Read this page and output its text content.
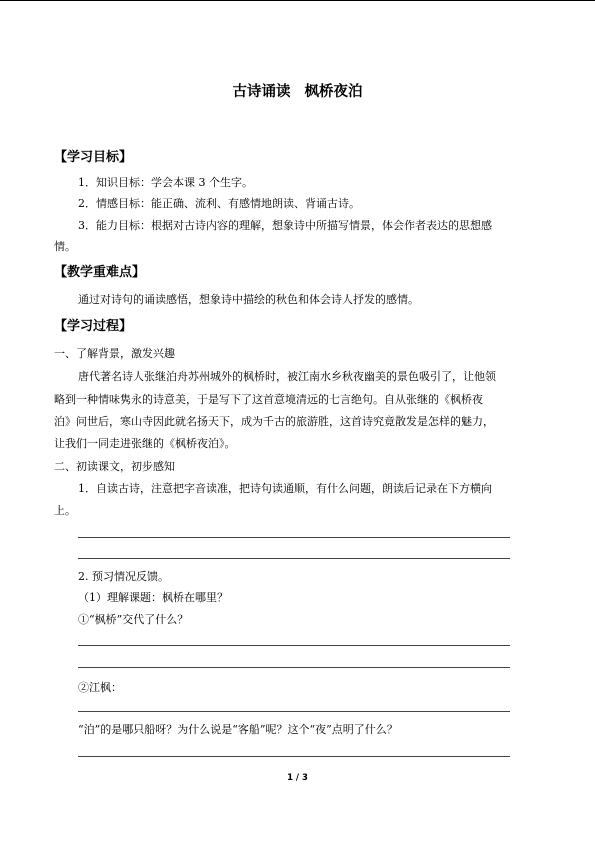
古诗诵读 枫桥夜泊
【学习目标】

1．知识目标：学会本课 3 个生字。

2．情感目标：能正确、流利、有感情地朗读、背诵古诗。

3．能力目标：根据对古诗内容的理解，想象诗中所描写情景，体会作者表达的思想感

情。

【教学重难点】

通过对诗句的诵读感悟，想象诗中描绘的秋色和体会诗人抒发的感情。

【学习过程】

一、了解背景，激发兴趣

唐代著名诗人张继泊舟苏州城外的枫桥时，被江南水乡秋夜幽美的景色吸引了，让他领

略到一种情味隽永的诗意美，于是写下了这首意境清远的七言绝句。自从张继的《枫桥夜

泊》问世后，寒山寺因此就名扬天下，成为千古的旅游胜，这首诗究竟散发是怎样的魅力，

让我们一同走进张继的《枫桥夜泊》。

二、初读课文，初步感知

1．自读古诗，注意把字音读准，把诗句读通顺，有什么问题，朗读后记录在下方横向

上。

2. 预习情况反馈。

（1）理解课题：枫桥在哪里？

①“枫桥”交代了什么？

②江枫：

“泊”的是哪只船呀？为什么说是“客船”呢？这个“夜”点明了什么？

1 / 3
